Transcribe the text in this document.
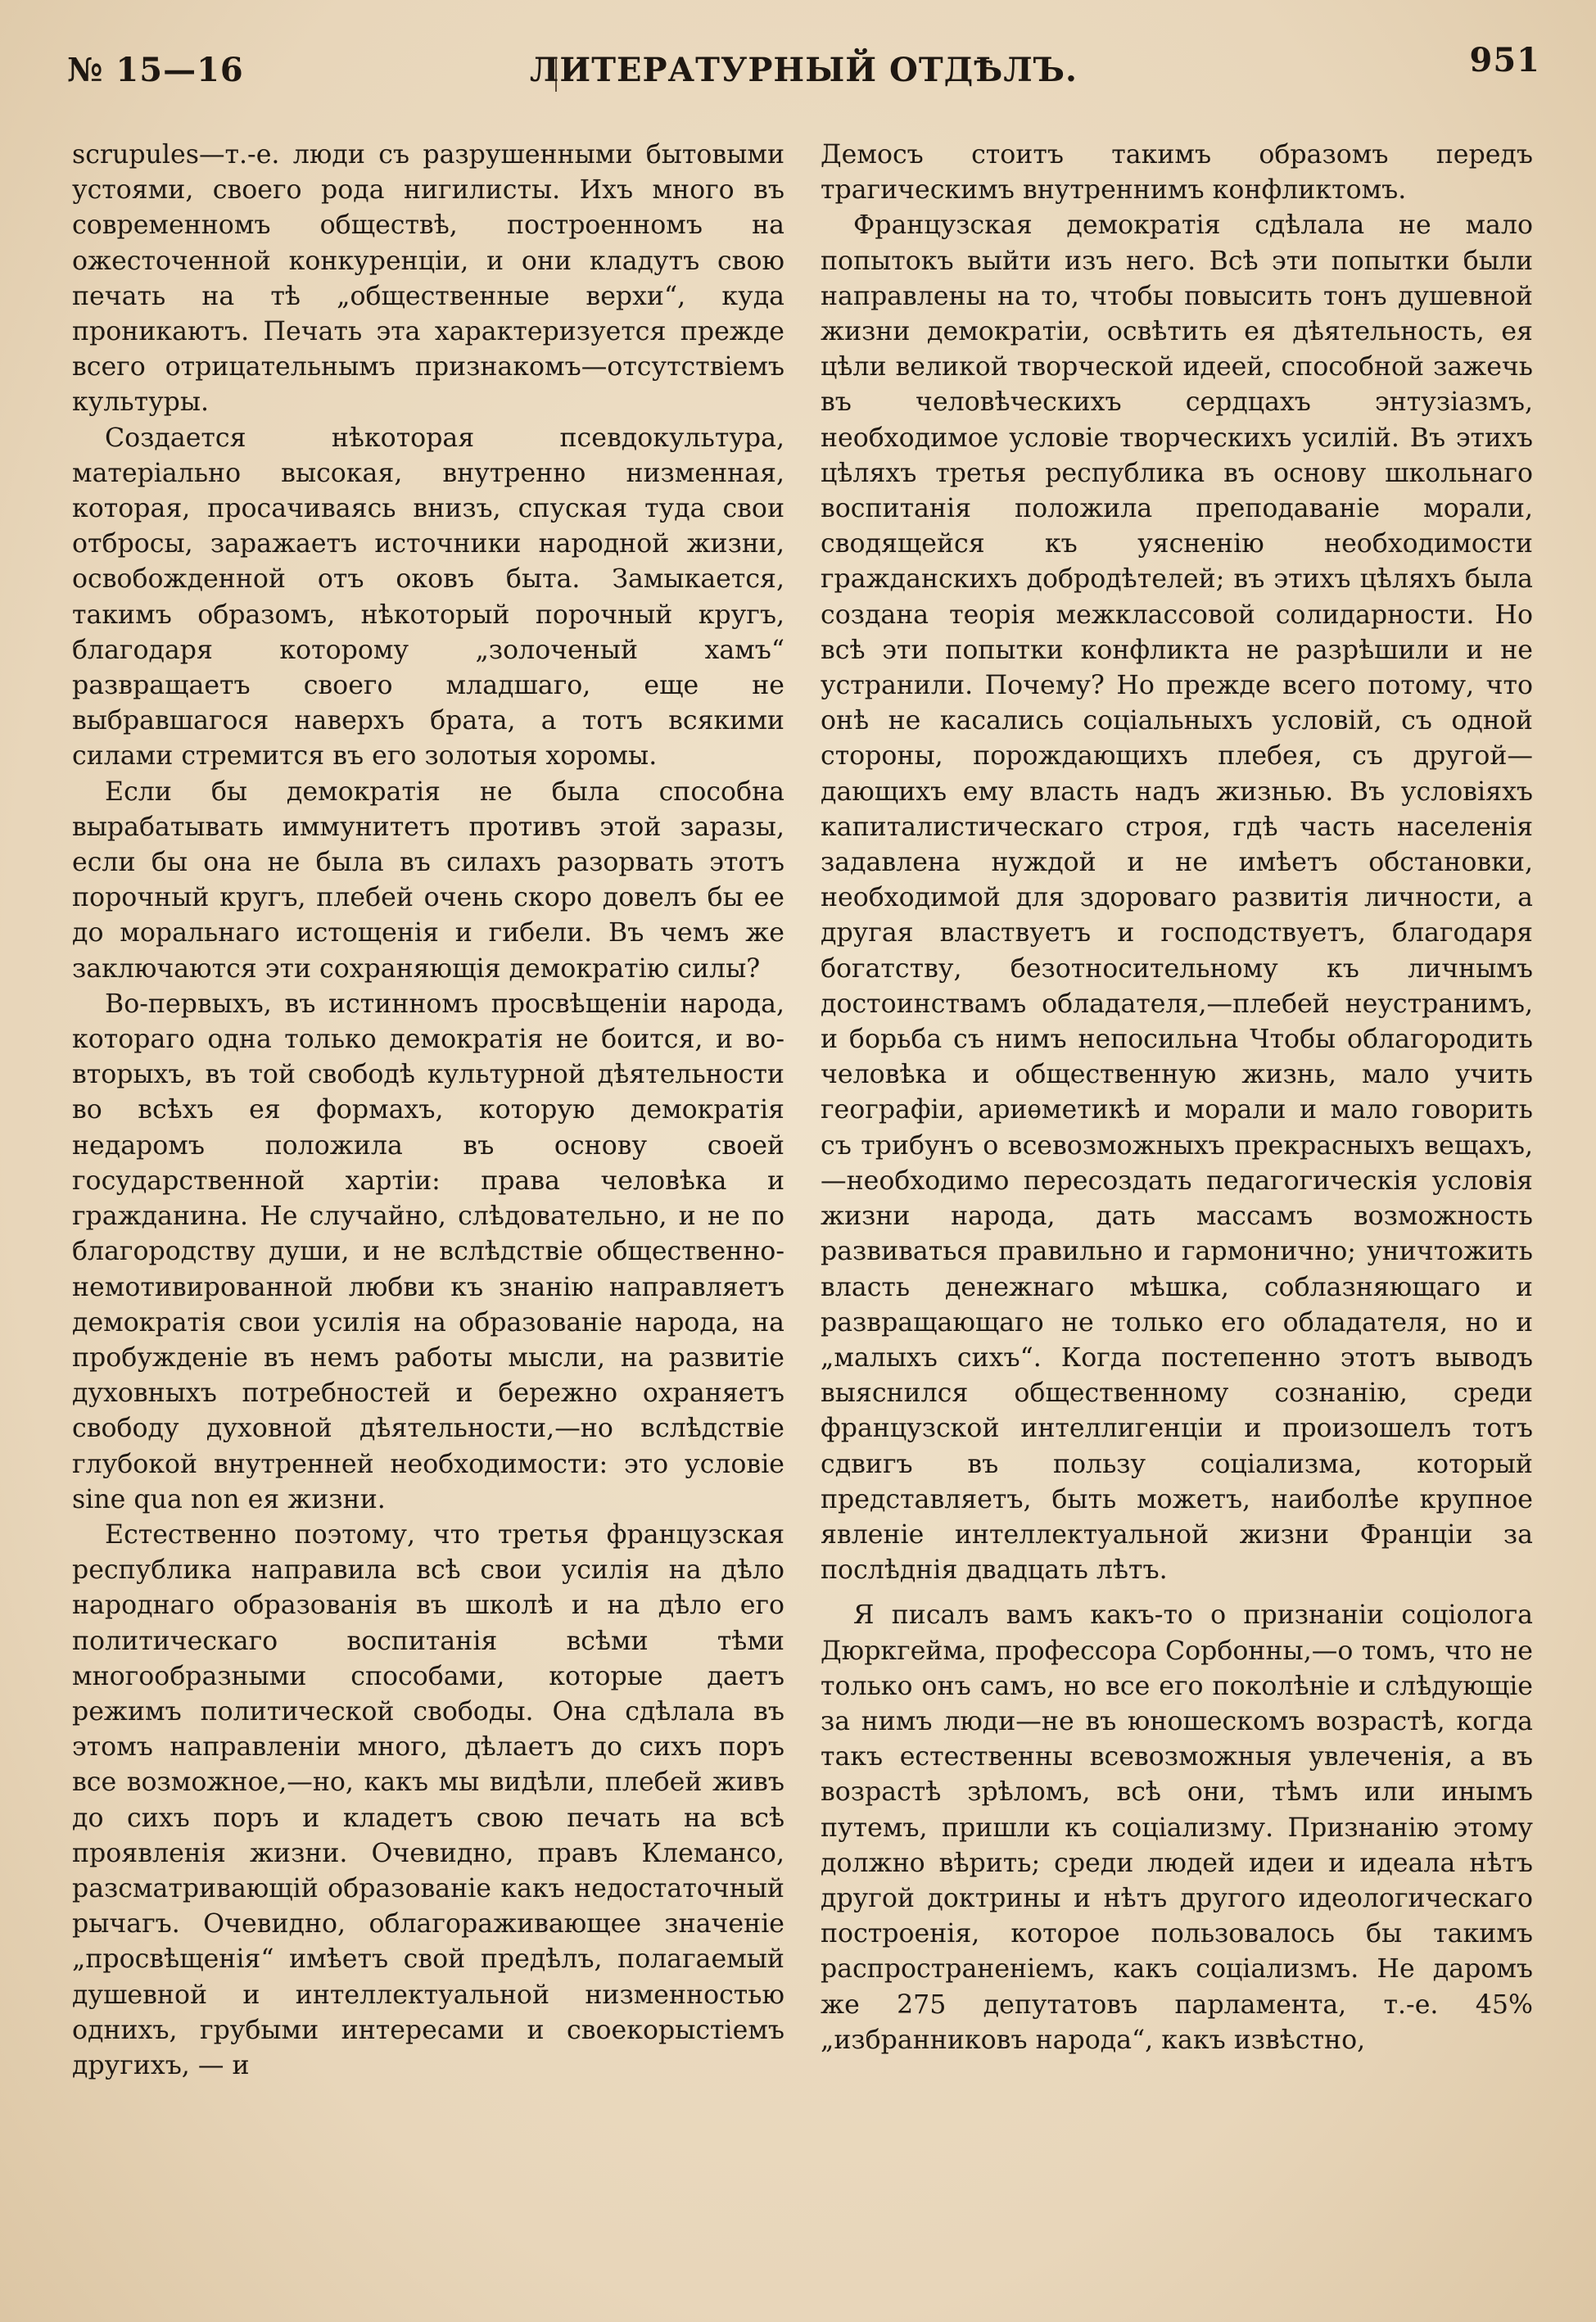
№ 15—16	ЛИТЕРАТУРНЫЙ ОТДѢЛЪ.	951

scrupules—т.-е. люди съ разрушенными бытовыми устоями, своего рода нигилисты. Ихъ много въ современномъ обществѣ, построенномъ на ожесточенной конкуренціи, и они кладутъ свою печать на тѣ „общественные верхи“, куда проникаютъ. Печать эта характеризуется прежде всего отрицательнымъ признакомъ—отсутствіемъ культуры.

Создается нѣкоторая псевдокультура, матеріально высокая, внутренно низменная, которая, просачиваясь внизъ, спуская туда свои отбросы, заражаетъ источники народной жизни, освобожденной отъ оковъ быта. Замыкается, такимъ образомъ, нѣкоторый порочный кругъ, благодаря которому „золоченый хамъ“ развращаетъ своего младшаго, еще не выбравшагося наверхъ брата, а тотъ всякими силами стремится въ его золотыя хоромы.

Если бы демократія не была способна вырабатывать иммунитетъ противъ этой заразы, если бы она не была въ силахъ разорвать этотъ порочный кругъ, плебей очень скоро довелъ бы ее до моральнаго истощенія и гибели. Въ чемъ же заключаются эти сохраняющія демократію силы?

Во-первыхъ, въ истинномъ просвѣщеніи народа, котораго одна только демократія не боится, и во-вторыхъ, въ той свободѣ культурной дѣятельности во всѣхъ ея формахъ, которую демократія недаромъ положила въ основу своей государственной хартіи: права человѣка и гражданина. Не случайно, слѣдовательно, и не по благородству души, и не вслѣдствіе общественно-немотивированной любви къ знанію направляетъ демократія свои усилія на образованіе народа, на пробужденіе въ немъ работы мысли, на развитіе духовныхъ потребностей и бережно охраняетъ свободу духовной дѣятельности,—но вслѣдствіе глубокой внутренней необходимости: это условіе sine qua non ея жизни.

Естественно поэтому, что третья французская республика направила всѣ свои усилія на дѣло народнаго образованія въ школѣ и на дѣло его политическаго воспитанія всѣми тѣми многообразными способами, которые даетъ режимъ политической свободы. Она сдѣлала въ этомъ направленіи много, дѣлаетъ до сихъ поръ все возможное,—но, какъ мы видѣли, плебей живъ до сихъ поръ и кладетъ свою печать на всѣ проявленія жизни. Очевидно, правъ Клемансо, разсматривающій образованіе какъ недостаточный рычагъ. Очевидно, облагораживающее значеніе „просвѣщенія“ имѣетъ свой предѣлъ, полагаемый душевной и интеллектуальной низменностью однихъ, грубыми интересами и своекорыстіемъ другихъ, — и

Демосъ стоитъ такимъ образомъ передъ трагическимъ внутреннимъ конфликтомъ.

Французская демократія сдѣлала не мало попытокъ выйти изъ него. Всѣ эти попытки были направлены на то, чтобы повысить тонъ душевной жизни демократіи, освѣтить ея дѣятельность, ея цѣли великой творческой идеей, способной зажечь въ человѣческихъ сердцахъ энтузіазмъ, необходимое условіе творческихъ усилій. Въ этихъ цѣляхъ третья республика въ основу школьнаго воспитанія положила преподаваніе морали, сводящейся къ уясненію необходимости гражданскихъ добродѣтелей; въ этихъ цѣляхъ была создана теорія межклассовой солидарности. Но всѣ эти попытки конфликта не разрѣшили и не устранили. Почему? Но прежде всего потому, что онѣ не касались соціальныхъ условій, съ одной стороны, порождающихъ плебея, съ другой—дающихъ ему власть надъ жизнью. Въ условіяхъ капиталистическаго строя, гдѣ часть населенія задавлена нуждой и не имѣетъ обстановки, необходимой для здороваго развитія личности, а другая властвуетъ и господствуетъ, благодаря богатству, безотносительному къ личнымъ достоинствамъ обладателя,—плебей неустранимъ, и борьба съ нимъ непосильна Чтобы облагородить человѣка и общественную жизнь, мало учить географіи, ариѳметикѣ и морали и мало говорить съ трибунъ о всевозможныхъ прекрасныхъ вещахъ,—необходимо пересоздать педагогическія условія жизни народа, дать массамъ возможность развиваться правильно и гармонично; уничтожить власть денежнаго мѣшка, соблазняющаго и развращающаго не только его обладателя, но и „малыхъ сихъ“. Когда постепенно этотъ выводъ выяснился общественному сознанію, среди французской интеллигенціи и произошелъ тотъ сдвигъ въ пользу соціализма, который представляетъ, быть можетъ, наиболѣе крупное явленіе интеллектуальной жизни Франціи за послѣднія двадцать лѣтъ.

Я писалъ вамъ какъ-то о признаніи соціолога Дюркгейма, профессора Сорбонны,—о томъ, что не только онъ самъ, но все его поколѣніе и слѣдующіе за нимъ люди—не въ юношескомъ возрастѣ, когда такъ естественны всевозможныя увлеченія, а въ возрастѣ зрѣломъ, всѣ они, тѣмъ или инымъ путемъ, пришли къ соціализму. Признанію этому должно вѣрить; среди людей идеи и идеала нѣтъ другой доктрины и нѣтъ другого идеологическаго построенія, которое пользовалось бы такимъ распространеніемъ, какъ соціализмъ. Не даромъ же 275 депутатовъ парламента, т.-е. 45% „избранниковъ народа“, какъ извѣстно,
